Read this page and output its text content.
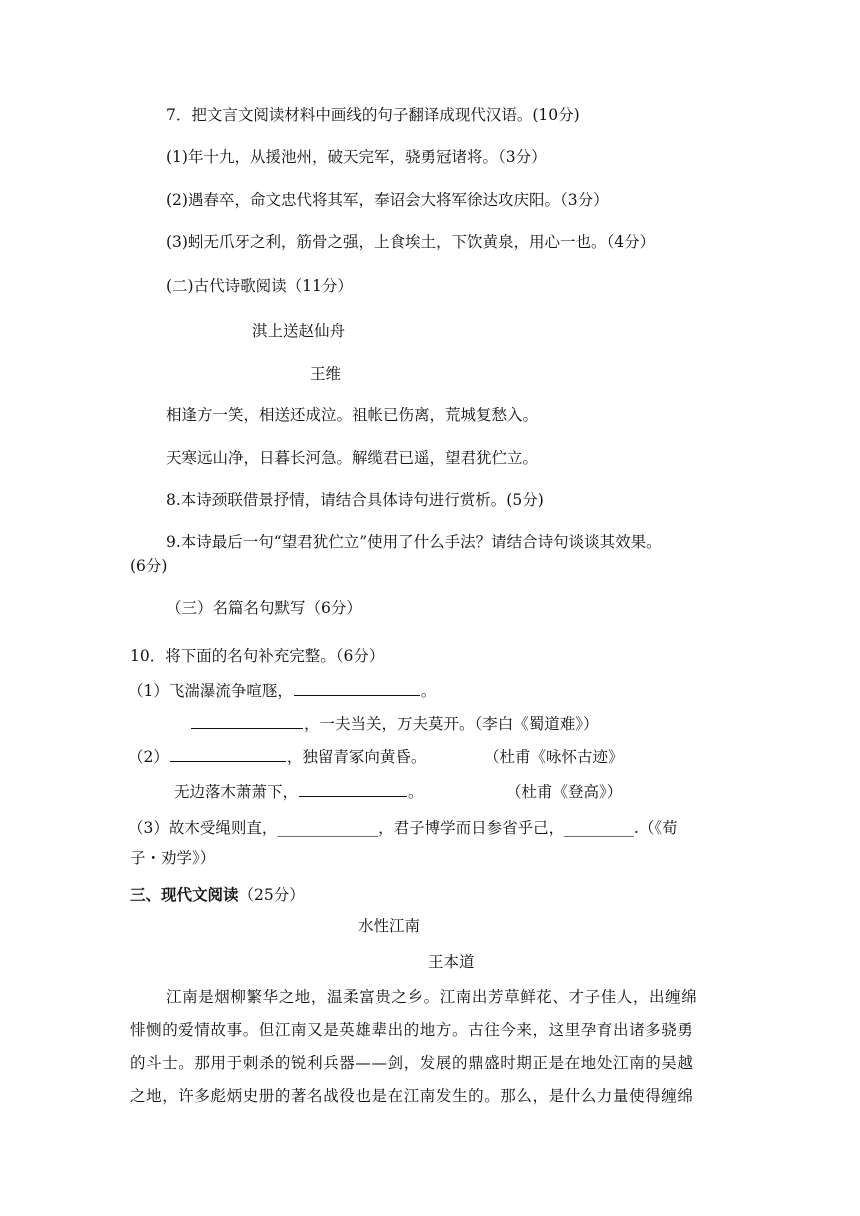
7．把文言文阅读材料中画线的句子翻译成现代汉语。(10分)
(1)年十九，从援池州，破天完军，骁勇冠诸将。（3分）
(2)遇春卒，命文忠代将其军，奉诏会大将军徐达攻庆阳。（3分）
(3)蚓无爪牙之利，筋骨之强，上食埃土，下饮黄泉，用心一也。（4分）
(二)古代诗歌阅读（11分）
淇上送赵仙舟
王维
相逢方一笑，相送还成泣。祖帐已伤离，荒城复愁入。
天寒远山净，日暮长河急。解缆君已遥，望君犹伫立。
8.本诗颈联借景抒情，请结合具体诗句进行赏析。(5分)
9.本诗最后一句“望君犹伫立”使用了什么手法？请结合诗句谈谈其效果。
(6分)
（三）名篇名句默写（6分）
10．将下面的名句补充完整。（6分）
（1）飞湍瀑流争喧豗，	。
，一夫当关，万夫莫开。（李白《蜀道难》）
（2）	，独留青冢向黄昏。	（杜甫《咏怀古迹》
无边落木萧萧下，	。	（杜甫《登高》）
（3）故木受绳则直，_____________，君子博学而日参省乎己，_________.（《荀
子・劝学》）
三、现代文阅读（25分）
水性江南
王本道
江南是烟柳繁华之地，温柔富贵之乡。江南出芳草鲜花、才子佳人，出缠绵
悱恻的爱情故事。但江南又是英雄辈出的地方。古往今来，这里孕育出诸多骁勇
的斗士。那用于刺杀的锐利兵器——剑，发展的鼎盛时期正是在地处江南的吴越
之地，许多彪炳史册的著名战役也是在江南发生的。那么，是什么力量使得缠绵
